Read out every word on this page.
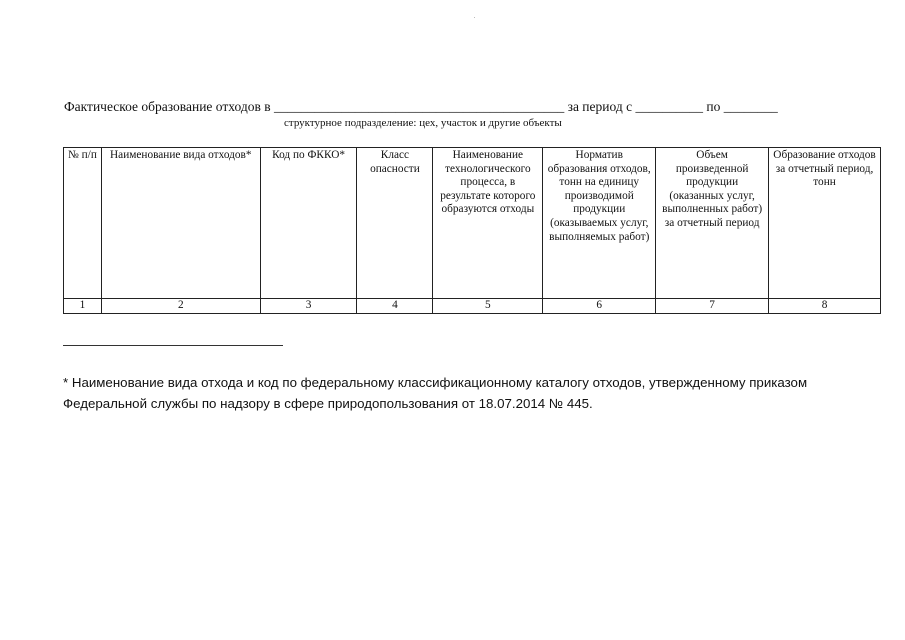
Фактическое образование отходов в ___________________________________________ за период с __________ по ________
структурное подразделение: цех, участок и другие объекты
№ п/п	Наименование вида отходов*	Код по ФККО*	Класс опасности	Наименование технологического процесса, в результате которого образуются отходы	Норматив образования отходов, тонн на единицу производимой продукции (оказываемых услуг, выполняемых работ)	Объем произведенной продукции (оказанных услуг, выполненных работ) за отчетный период	Образование отходов за отчетный период, тонн
1	2	3	4	5	6	7	8
* Наименование вида отхода и код по федеральному классификационному каталогу отходов, утвержденному приказом Федеральной службы по надзору в сфере природопользования от 18.07.2014 № 445.
